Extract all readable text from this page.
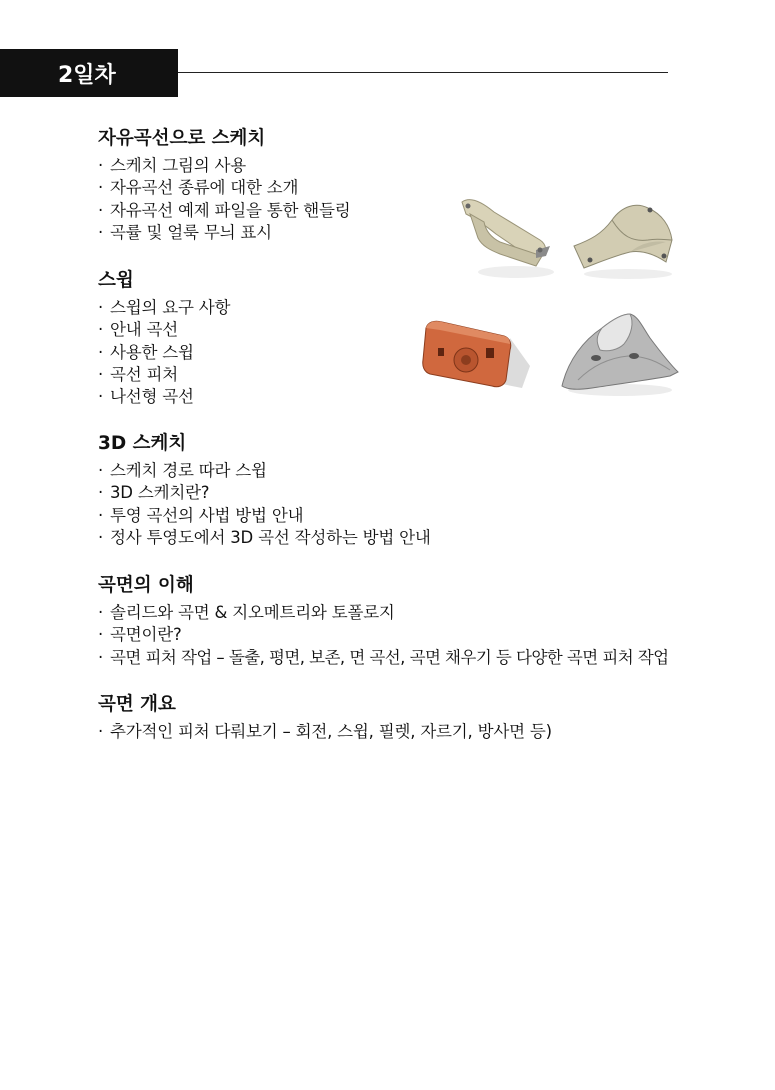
2일차
자유곡선으로 스케치
· 스케치 그림의 사용
· 자유곡선 종류에 대한 소개
· 자유곡선 예제 파일을 통한 핸들링
· 곡률 및 얼룩 무늬 표시
스윕
· 스윕의 요구 사항
· 안내 곡선
· 사용한 스윕
· 곡선 피처
· 나선형 곡선
3D 스케치
· 스케치 경로 따라 스윕
· 3D 스케치란?
· 투영 곡선의 사법 방법 안내
· 정사 투영도에서 3D 곡선 작성하는 방법 안내
곡면의 이해
· 솔리드와 곡면 & 지오메트리와 토폴로지
· 곡면이란?
· 곡면 피처 작업 – 돌출, 평면, 보존, 면 곡선, 곡면 채우기 등 다양한 곡면 피처 작업
곡면 개요
· 추가적인 피처 다뤄보기 – 회전, 스윕, 필렛, 자르기, 방사면 등)
